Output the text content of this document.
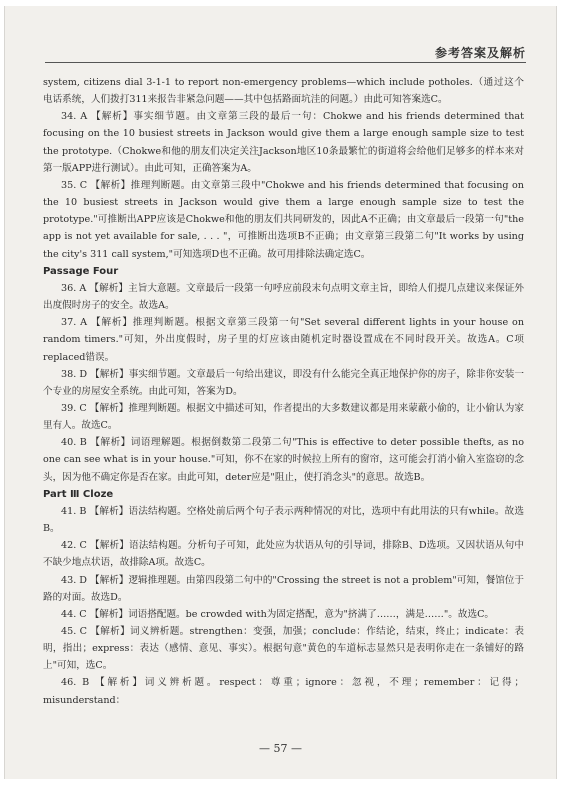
参考答案及解析

system, citizens dial 3-1-1 to report non-emergency problems—which include potholes.（通过这个电话系统，人们拨打311来报告非紧急问题——其中包括路面坑洼的问题。）由此可知答案选C。

34. A 【解析】事实细节题。由文章第三段的最后一句：Chokwe and his friends determined that focusing on the 10 busiest streets in Jackson would give them a large enough sample size to test the prototype.（Chokwe和他的朋友们决定关注Jackson地区10条最繁忙的街道将会给他们足够多的样本来对第一版APP进行测试）。由此可知，正确答案为A。

35. C 【解析】推理判断题。由文章第三段中"Chokwe and his friends determined that focusing on the 10 busiest streets in Jackson would give them a large enough sample size to test the prototype."可推断出APP应该是Chokwe和他的朋友们共同研发的，因此A不正确；由文章最后一段第一句"the app is not yet available for sale, . . . "，可推断出选项B不正确；由文章第三段第二句"It works by using the city's 311 call system,"可知选项D也不正确。故可用排除法确定选C。

Passage Four

36. A 【解析】主旨大意题。文章最后一段第一句呼应前段末句点明文章主旨，即给人们提几点建议来保证外出度假时房子的安全。故选A。

37. A 【解析】推理判断题。根据文章第三段第一句"Set several different lights in your house on random timers."可知，外出度假时，房子里的灯应该由随机定时器设置成在不同时段开关。故选A。C项replaced错误。

38. D 【解析】事实细节题。文章最后一句给出建议，即没有什么能完全真正地保护你的房子，除非你安装一个专业的房屋安全系统。由此可知，答案为D。

39. C 【解析】推理判断题。根据文中描述可知，作者提出的大多数建议都是用来蒙蔽小偷的，让小偷认为家里有人。故选C。

40. B 【解析】词语理解题。根据倒数第二段第二句"This is effective to deter possible thefts, as no one can see what is in your house."可知，你不在家的时候拉上所有的窗帘，这可能会打消小偷入室盗窃的念头，因为他不确定你是否在家。由此可知，deter应是"阻止，使打消念头"的意思。故选B。

Part Ⅲ Cloze

41. B 【解析】语法结构题。空格处前后两个句子表示两种情况的对比，选项中有此用法的只有while。故选B。

42. C 【解析】语法结构题。分析句子可知，此处应为状语从句的引导词，排除B、D选项。又因状语从句中不缺少地点状语，故排除A项。故选C。

43. D 【解析】逻辑推理题。由第四段第二句中的"Crossing the street is not a problem"可知，餐馆位于路的对面。故选D。

44. C 【解析】词语搭配题。be crowded with为固定搭配，意为"挤满了……，满是……"。故选C。

45. C 【解析】词义辨析题。strengthen：变强，加强；conclude：作结论，结束，终止；indicate：表明，指出；express：表达（感情、意见、事实）。根据句意"黄色的车道标志显然只是表明你走在一条铺好的路上"可知，选C。

46. B 【解析】词义辨析题。respect：尊重；ignore：忽视，不理；remember：记得；misunderstand：

— 57 —
